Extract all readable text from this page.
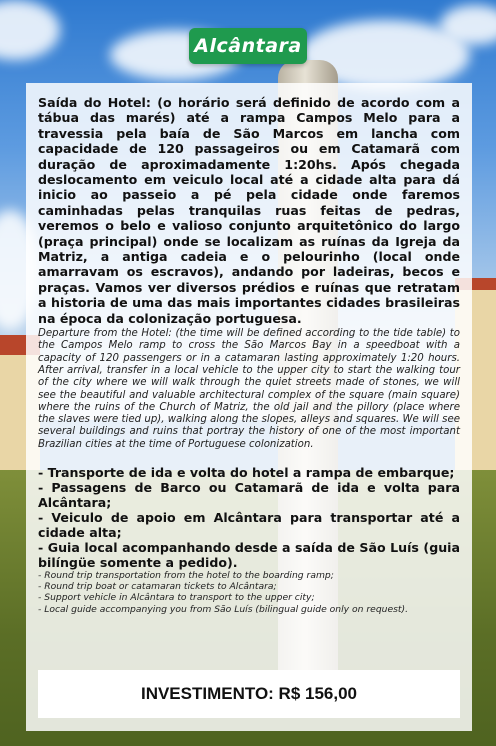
Alcântara

Saída do Hotel: (o horário será definido de acordo com a tábua das marés) até a rampa Campos Melo para a travessia pela baía de São Marcos em lancha com capacidade de 120 passageiros ou em Catamarã com duração de aproximadamente 1:20hs. Após chegada deslocamento em veiculo local até a cidade alta para dá inicio ao passeio a pé pela cidade onde faremos caminhadas pelas tranquilas ruas feitas de pedras, veremos o belo e valioso conjunto arquitetônico do largo (praça principal) onde se localizam as ruínas da Igreja da Matriz, a antiga cadeia e o pelourinho (local onde amarravam os escravos), andando por ladeiras, becos e praças. Vamos ver diversos prédios e ruínas que retratam a historia de uma das mais importantes cidades brasileiras na época da colonização portuguesa.

Departure from the Hotel: (the time will be defined according to the tide table) to the Campos Melo ramp to cross the São Marcos Bay in a speedboat with a capacity of 120 passengers or in a catamaran lasting approximately 1:20 hours. After arrival, transfer in a local vehicle to the upper city to start the walking tour of the city where we will walk through the quiet streets made of stones, we will see the beautiful and valuable architectural complex of the square (main square) where the ruins of the Church of Matriz, the old jail and the pillory (place where the slaves were tied up), walking along the slopes, alleys and squares. We will see several buildings and ruins that portray the history of one of the most important Brazilian cities at the time of Portuguese colonization.

- Transporte de ida e volta do hotel a rampa de embarque;

- Passagens de Barco ou Catamarã de ida e volta para Alcântara;

- Veiculo de apoio em Alcântara para transportar até a cidade alta;

- Guia local acompanhando desde a saída de São Luís (guia bilíngüe somente a pedido).

- Round trip transportation from the hotel to the boarding ramp;

- Round trip boat or catamaran tickets to Alcântara;

- Support vehicle in Alcântara to transport to the upper city;

- Local guide accompanying you from São Luís (bilingual guide only on request).

INVESTIMENTO: R$ 156,00
